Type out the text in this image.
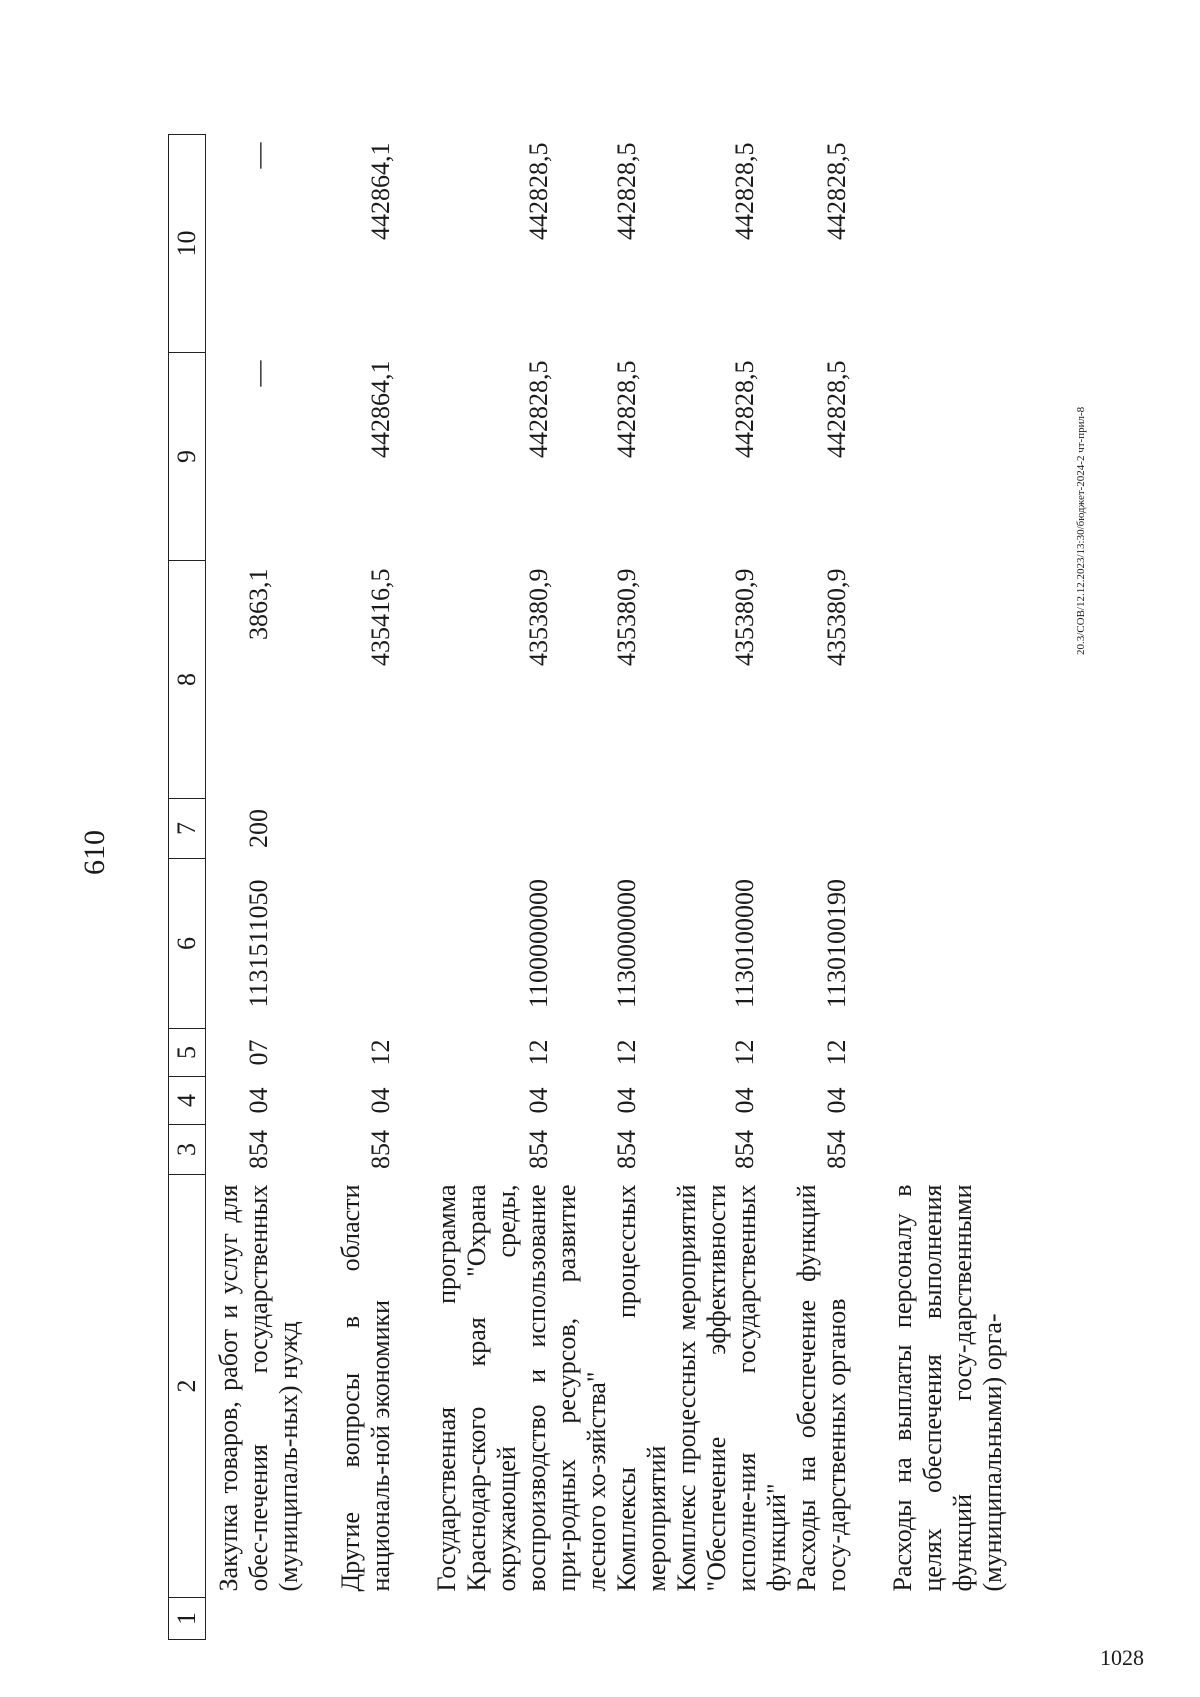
610
1	2	3	4	5	6	7	8	9	10
	Закупка товаров, работ и услуг для обес-печения государственных (муниципаль-ных) нужд	854	04	07	1131511050	200	3863,1	—	—

	Другие вопросы в области националь-ной экономики	854	04	12			435416,5	442864,1	442864,1

	Государственная программа Краснодар-ского края "Охрана окружающей среды, воспроизводство и использование при-родных ресурсов, развитие лесного хо-зяйства"	854	04	12	1100000000		435380,9	442828,5	442828,5

	Комплексы процессных мероприятий	854	04	12	1130000000		435380,9	442828,5	442828,5

	Комплекс процессных мероприятий "Обеспечение эффективности исполне-ния государственных функций"	854	04	12	1130100000		435380,9	442828,5	442828,5

	Расходы на обеспечение функций госу-дарственных органов	854	04	12	1130100190		435380,9	442828,5	442828,5

	Расходы на выплаты персоналу в целях обеспечения выполнения функций госу-дарственными (муниципальными) орга-	

20.3/СОВ/12.12.2023/13:30/бюджет-2024-2 чт-прил-8
1028
